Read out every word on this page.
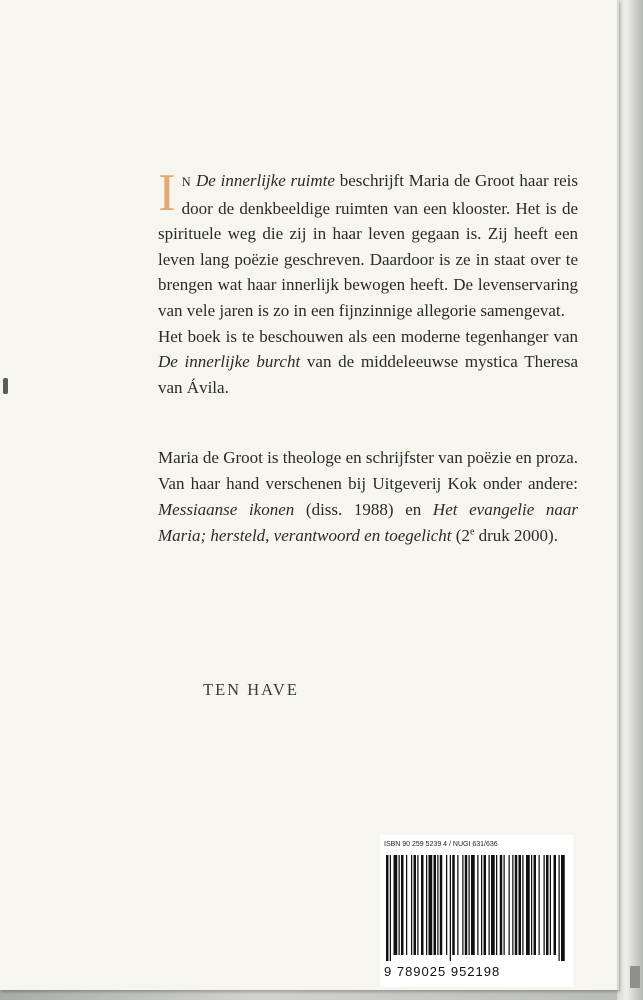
I N De innerlijke ruimte beschrijft Maria de Groot haar reis door de denkbeeldige ruimten van een klooster. Het is de spirituele weg die zij in haar leven gegaan is. Zij heeft een leven lang poëzie geschreven. Daardoor is ze in staat over te brengen wat haar innerlijk bewogen heeft. De levenservaring van vele jaren is zo in een fijnzinnige allegorie samengevat.

Het boek is te beschouwen als een moderne tegenhanger van De innerlijke burcht van de middeleeuwse mystica Theresa van Ávila.

Maria de Groot is theologe en schrijfster van poëzie en proza. Van haar hand verschenen bij Uitgeverij Kok onder andere: Messiaanse ikonen (diss. 1988) en Het evangelie naar Maria; hersteld, verantwoord en toegelicht (2e druk 2000).

TEN HAVE
ISBN 90 259 5239 4 / NUGI 631/636
9 789025 952198
